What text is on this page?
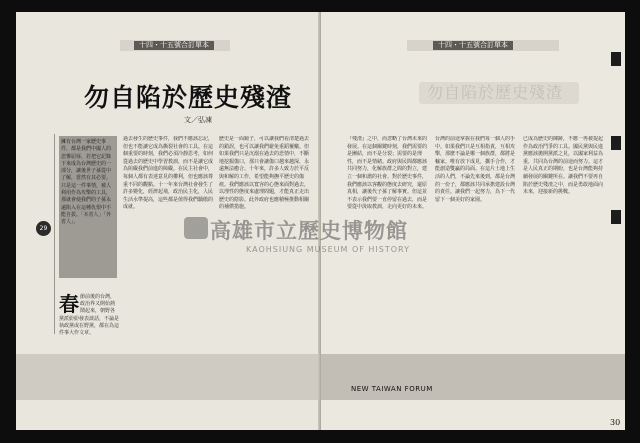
十四・十五號合訂單本
勿自陷於歷史殘渣
文／弘凍
29

擁有台灣一家歷史事件，都是我們中國人的悲慘屈辱，若把它記錄下來成為台灣歷史的一部分，讓後世子孫從中了解，當然有其必要。只是這一件事情，被人利用作為攻擊的工具，那就會使我們的子孫永遠陷入在這種仇恨中不能自拔。「本省人」「外省人」。

春 節前後的台灣，政治界又開始熱鬧起來，朝野各黨派紛紛發表談話，不論是執政黨或在野黨，都在為這件事大作文章。

過去發生的歷史事件，我們不應該忘記，但也不能讓它成為撕裂社會的工具。在這個重要的時刻，我們必須冷靜思考，如何從過去的歷史中學習教訓，而不是讓它成為阻礙我們前進的障礙。在民主社會中，每個人都有表達意見的權利，但也應該尊重不同的觀點。十一年來台灣社會發生了許多變化，經濟起飛，政治民主化，人民生活水準提高，這些都是值得我們驕傲的成就。
歷史是一面鏡子，可以讓我們看清楚過去的錯誤，也可以讓我們避免重蹈覆轍。但如果我們只是沉溺在過去的悲情中，不斷地挖掘傷口，那只會讓傷口越來越深，永遠無法癒合。十年來，許多人致力於平反與和解的工作，希望能夠撫平歷史的傷痕。我們應該以寬容的心態來面對過去，以理性的態度來處理問題，才能真正走出歷史的陰影。此外政府也應積極推動相關的補償措施。
十四・十五號合訂單本
勿自陷於歷史殘渣
『殘渣』之中，而忽略了台灣未來的發展。在這個關鍵時刻，我們需要的是團結，而不是分裂；需要的是理性，而不是情緒。政府與民間都應該共同努力，化解族群之間的對立，建立一個和諧的社會。對於歷史事件，我們應該以客觀的態度去研究，還原真相，讓後代子孫了解事實。但這並不表示我們要一直停留在過去，而是要從中汲取教訓，走向更好的未來。
台灣的前途掌握在我們每一個人的手中。如果我們只是互相指責，互相攻擊，那麼不論是哪一個族群，都將是輸家。唯有放下成見，攜手合作，才能創造雙贏的局面。在這片土地上生活的人們，不論先來後到，都是台灣的一份子，都應該共同承擔建設台灣的責任。讓我們一起努力，為下一代留下一個美好的家園。
已成為歷史的陳跡，不應一再被提起作為政治鬥爭的工具。國民黨與民進黨應該拋開黨派之見，以國家利益為重，共同為台灣的前途而努力。這才是人民真正的期盼，也是台灣能夠持續發展的關鍵所在。讓我們不要再自陷於歷史殘渣之中，而是勇敢地面向未來，迎接新的挑戰。
NEW TAIWAN FORUM
30
高雄市立歷史博物館
KAOHSIUNG MUSEUM OF HISTORY
